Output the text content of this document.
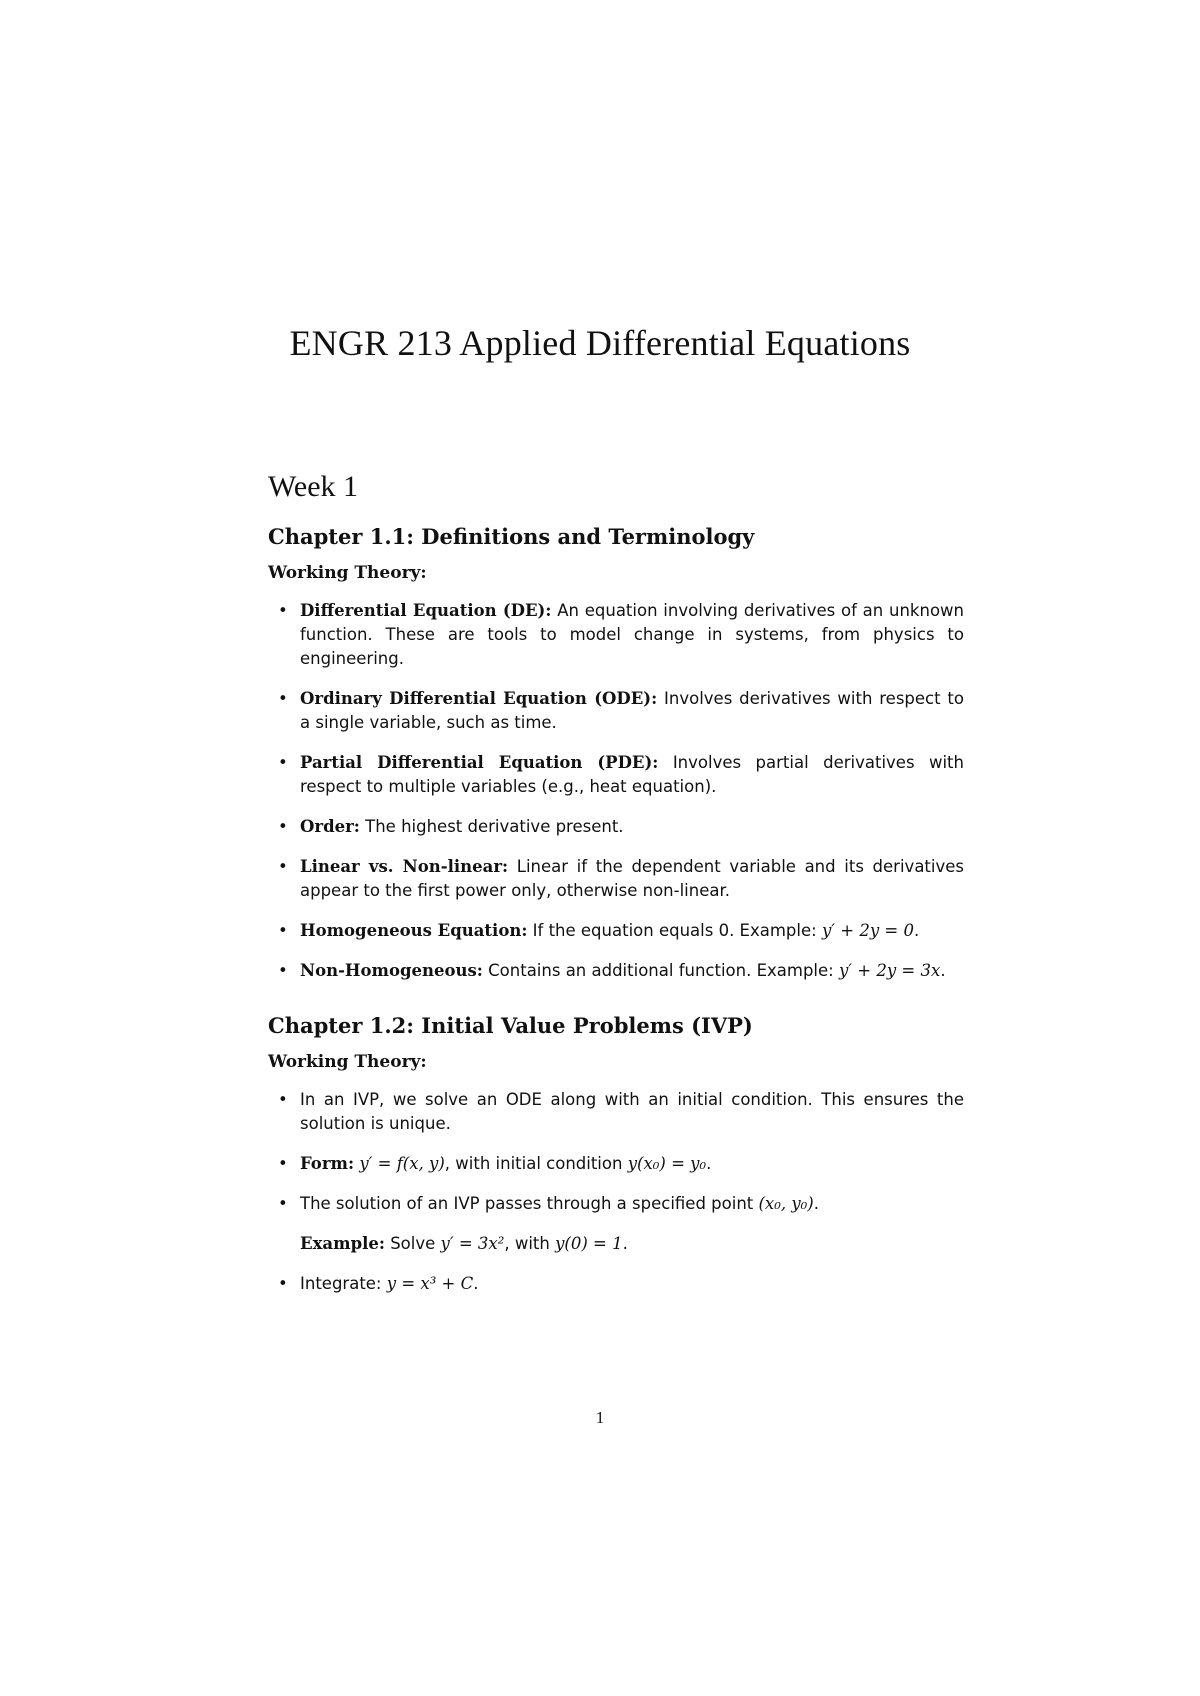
ENGR 213 Applied Differential Equations
Week 1
Chapter 1.1: Definitions and Terminology
Working Theory:
• Differential Equation (DE): An equation involving derivatives of an unknown function. These are tools to model change in systems, from physics to engineering.
• Ordinary Differential Equation (ODE): Involves derivatives with respect to a single variable, such as time.
• Partial Differential Equation (PDE): Involves partial derivatives with respect to multiple variables (e.g., heat equation).
• Order: The highest derivative present.
• Linear vs. Non-linear: Linear if the dependent variable and its derivatives appear to the first power only, otherwise non-linear.
• Homogeneous Equation: If the equation equals 0. Example: y′ + 2y = 0.
• Non-Homogeneous: Contains an additional function. Example: y′ + 2y = 3x.
Chapter 1.2: Initial Value Problems (IVP)
Working Theory:
• In an IVP, we solve an ODE along with an initial condition. This ensures the solution is unique.
• Form: y′ = f(x, y), with initial condition y(x₀) = y₀.
• The solution of an IVP passes through a specified point (x₀, y₀).
Example: Solve y′ = 3x², with y(0) = 1.
• Integrate: y = x³ + C.
1
